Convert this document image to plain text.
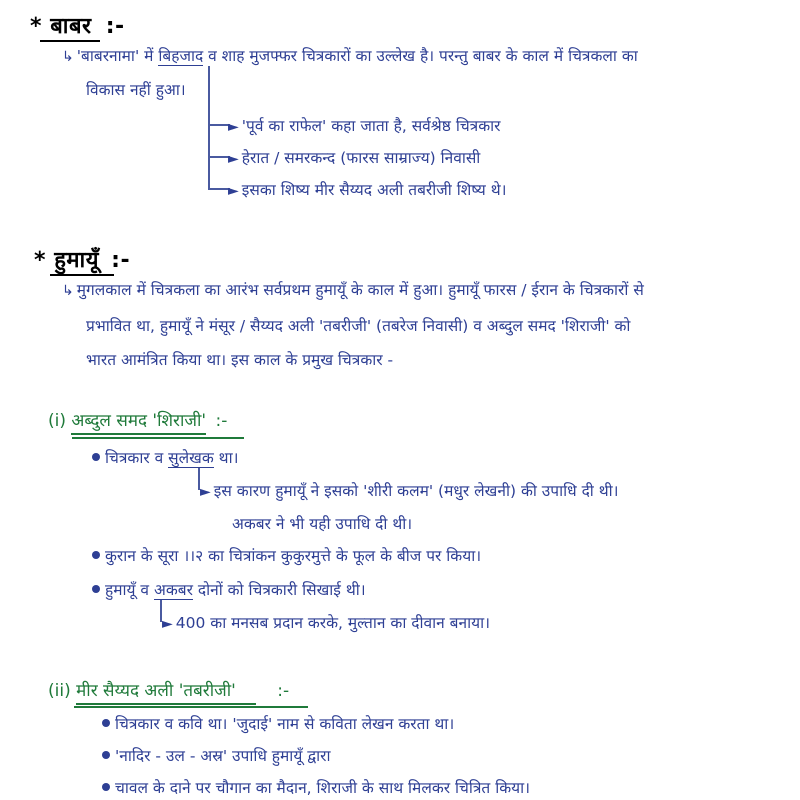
* बाबर :-
↳ 'बाबरनामा' में बिहजाद व शाह मुजफ्फर चित्रकारों का उल्लेख है। परन्तु बाबर के काल में चित्रकला का
विकास नहीं हुआ।
► 'पूर्व का राफेल' कहा जाता है, सर्वश्रेष्ठ चित्रकार
► हेरात / समरकन्द (फारस साम्राज्य) निवासी
► इसका शिष्य मीर सैय्यद अली तबरीजी शिष्य थे।
* हुमायूँ :-
↳ मुगलकाल में चित्रकला का आरंभ सर्वप्रथम हुमायूँ के काल में हुआ। हुमायूँ फारस / ईरान के चित्रकारों से
प्रभावित था, हुमायूँ ने मंसूर / सैय्यद अली 'तबरीजी' (तबरेज निवासी) व अब्दुल समद 'शिराजी' को
भारत आमंत्रित किया था। इस काल के प्रमुख चित्रकार -
(i) अब्दुल समद 'शिराजी' :-
चित्रकार व सुलेखक था।
► इस कारण हुमायूँ ने इसको 'शीरी कलम' (मधुर लेखनी) की उपाधि दी थी।
अकबर ने भी यही उपाधि दी थी।
कुरान के सूरा ।।२ का चित्रांकन कुकुरमुत्ते के फूल के बीज पर किया।
हुमायूँ व अकबर दोनों को चित्रकारी सिखाई थी।
► 400 का मनसब प्रदान करके, मुल्तान का दीवान बनाया।
(ii) मीर सैय्यद अली 'तबरीजी' :-
चित्रकार व कवि था। 'जुदाई' नाम से कविता लेखन करता था।
'नादिर - उल - अस्र' उपाधि हुमायूँ द्वारा
चावल के दाने पर चौगान का मैदान, शिराजी के साथ मिलकर चित्रित किया।
